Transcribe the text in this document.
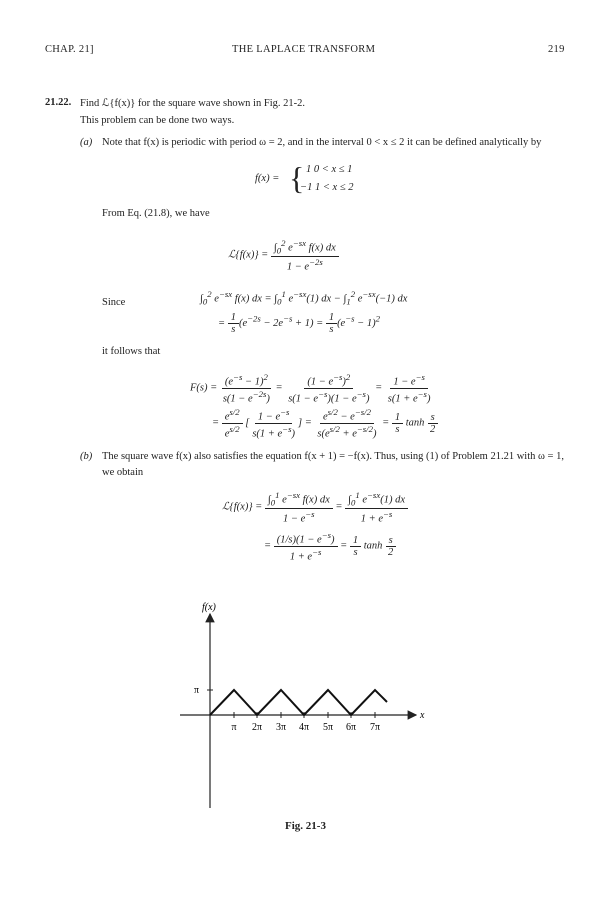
CHAP. 21]	THE LAPLACE TRANSFORM	219
21.22. Find ℒ{f(x)} for the square wave shown in Fig. 21-2.
This problem can be done two ways.
(a) Note that f(x) is periodic with period ω = 2, and in the interval 0 < x ≤ 2 it can be defined analytically by
f(x) = { 1 0 < x ≤ 1
−1 1 < x ≤ 2
From Eq. (21.8), we have
ℒ{f(x)} = $\frac{\int_0^2 e^{-sx} f(x) dx}{1 - e^{-2s}}$
Since	$\int_0^2$ $e^{-sx}$ f(x) dx = $\int_0^1$ $e^{-sx}(1)$ dx − $\int_1^2$ $e^{-sx}(-1)$ dx
= $\frac{1}{s} (e^{-2s} - 2e^{-s} + 1) = \frac{1}{s} (e^{-s} - 1)^2$
it follows that
$F(s) = \frac{(e^{-s} - 1)^2}{s(1 - e^{-2s})} = \frac{(1 - e^{-s})^2}{s(1 - e^{-s})(1 - e^{-s})} = \frac{1 - e^{-s}}{s(1 + e^{-s})}$
= $\frac{e^{s/2}}{e^{s/2}}$ [ $\frac{1 - e^{-s}}{s(1 + e^{-s})}$ ] = $\frac{e^{s/2} - e^{-s/2}}{s(e^{s/2} + e^{-s/2})} = \frac{1}{s}$ $\tanh \frac{s}{2}$
(b) The square wave f(x) also satisfies the equation f(x + 1) = −f(x). Thus, using (1) of Problem 21.21 with ω = 1,
we obtain
ℒ{f(x)} = $\frac{\int_0^1 e^{-sx} f(x) dx}{1 - e^{-s}} = \frac{\int_0^1 e^{-sx}(1) dx}{1 + e^{-s}}$
= $\frac{(1/s)(1 - e^{-s})}{1 + e^{-s}} = \frac{1}{s}$ $\tanh \frac{s}{2}$
f(x)
π
x
π 2π 3π 4π 5π 6π 7π
Fig. 21-3
